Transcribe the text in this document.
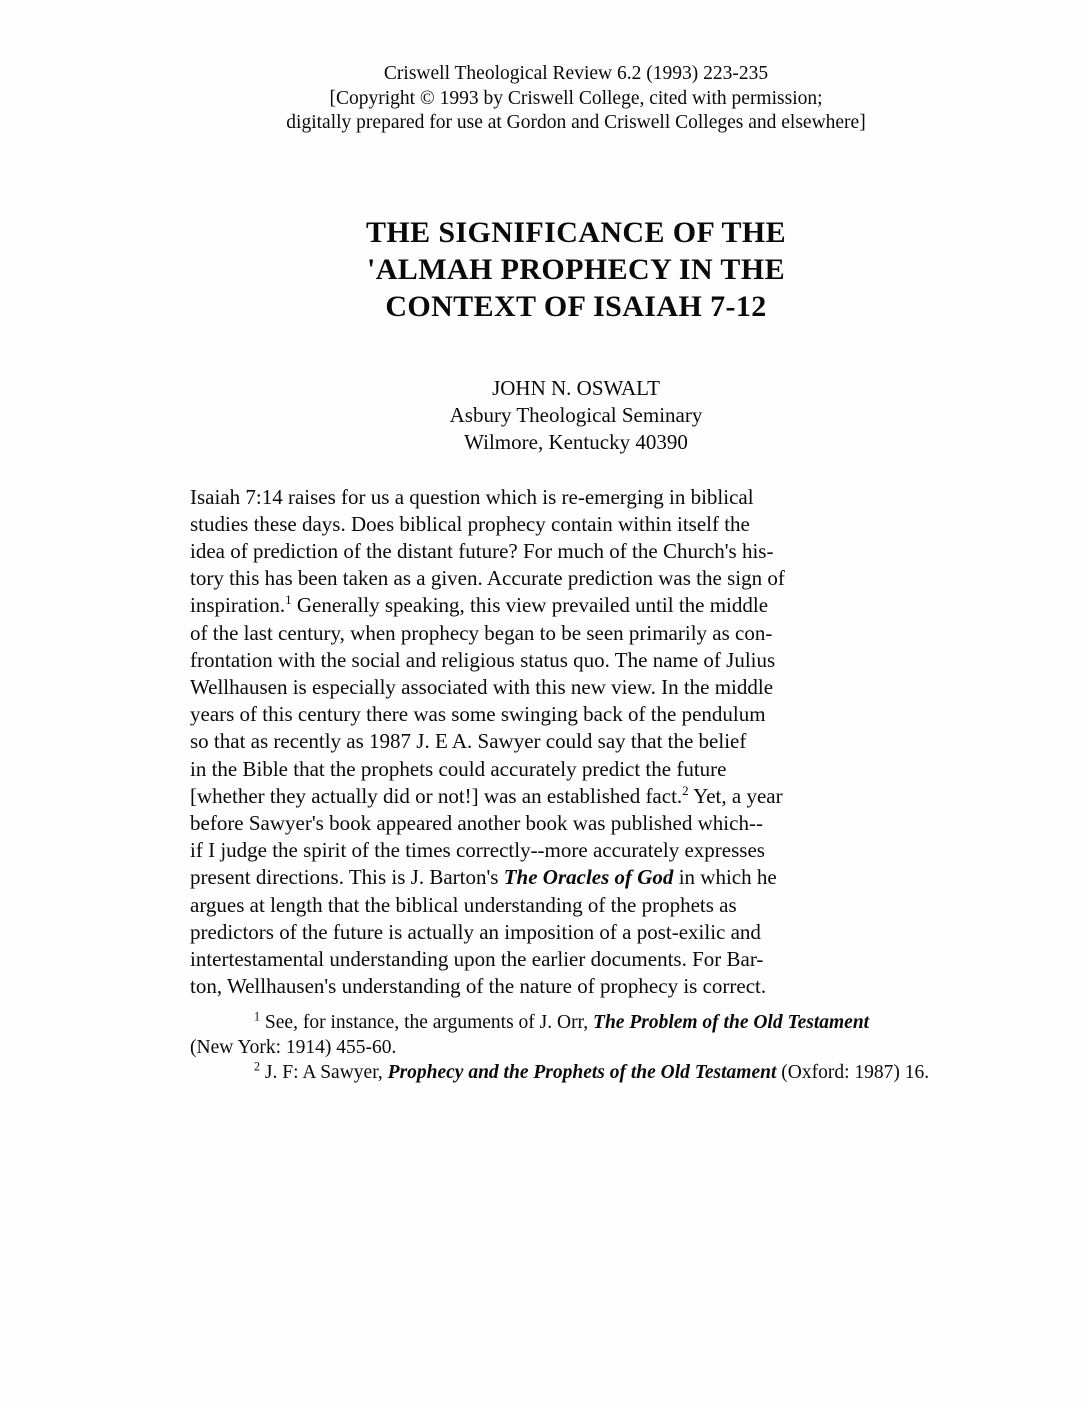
Criswell Theological Review 6.2 (1993) 223-235
[Copyright © 1993 by Criswell College, cited with permission;
digitally prepared for use at Gordon and Criswell Colleges and elsewhere]
THE SIGNIFICANCE OF THE
'ALMAH PROPHECY IN THE
CONTEXT OF ISAIAH 7-12
JOHN N. OSWALT
Asbury Theological Seminary
Wilmore, Kentucky 40390
Isaiah 7:14 raises for us a question which is re-emerging in biblical
studies these days. Does biblical prophecy contain within itself the
idea of prediction of the distant future? For much of the Church's his-
tory this has been taken as a given. Accurate prediction was the sign of
inspiration.$^1$ Generally speaking, this view prevailed until the middle
of the last century, when prophecy began to be seen primarily as con-
frontation with the social and religious status quo. The name of Julius
Wellhausen is especially associated with this new view. In the middle
years of this century there was some swinging back of the pendulum
so that as recently as 1987 J. E A. Sawyer could say that the belief
in the Bible that the prophets could accurately predict the future
[whether they actually did or not!] was an established fact.$^2$ Yet, a year
before Sawyer's book appeared another book was published which--
if I judge the spirit of the times correctly--more accurately expresses
present directions. This is J. Barton's The Oracles of God in which he
argues at length that the biblical understanding of the prophets as
predictors of the future is actually an imposition of a post-exilic and
intertestamental understanding upon the earlier documents. For Bar-
ton, Wellhausen's understanding of the nature of prophecy is correct.
$^1$ See, for instance, the arguments of J. Orr, The Problem of the Old Testament
(New York: 1914) 455-60.
$^2$ J. F: A Sawyer, Prophecy and the Prophets of the Old Testament (Oxford: 1987) 16.
